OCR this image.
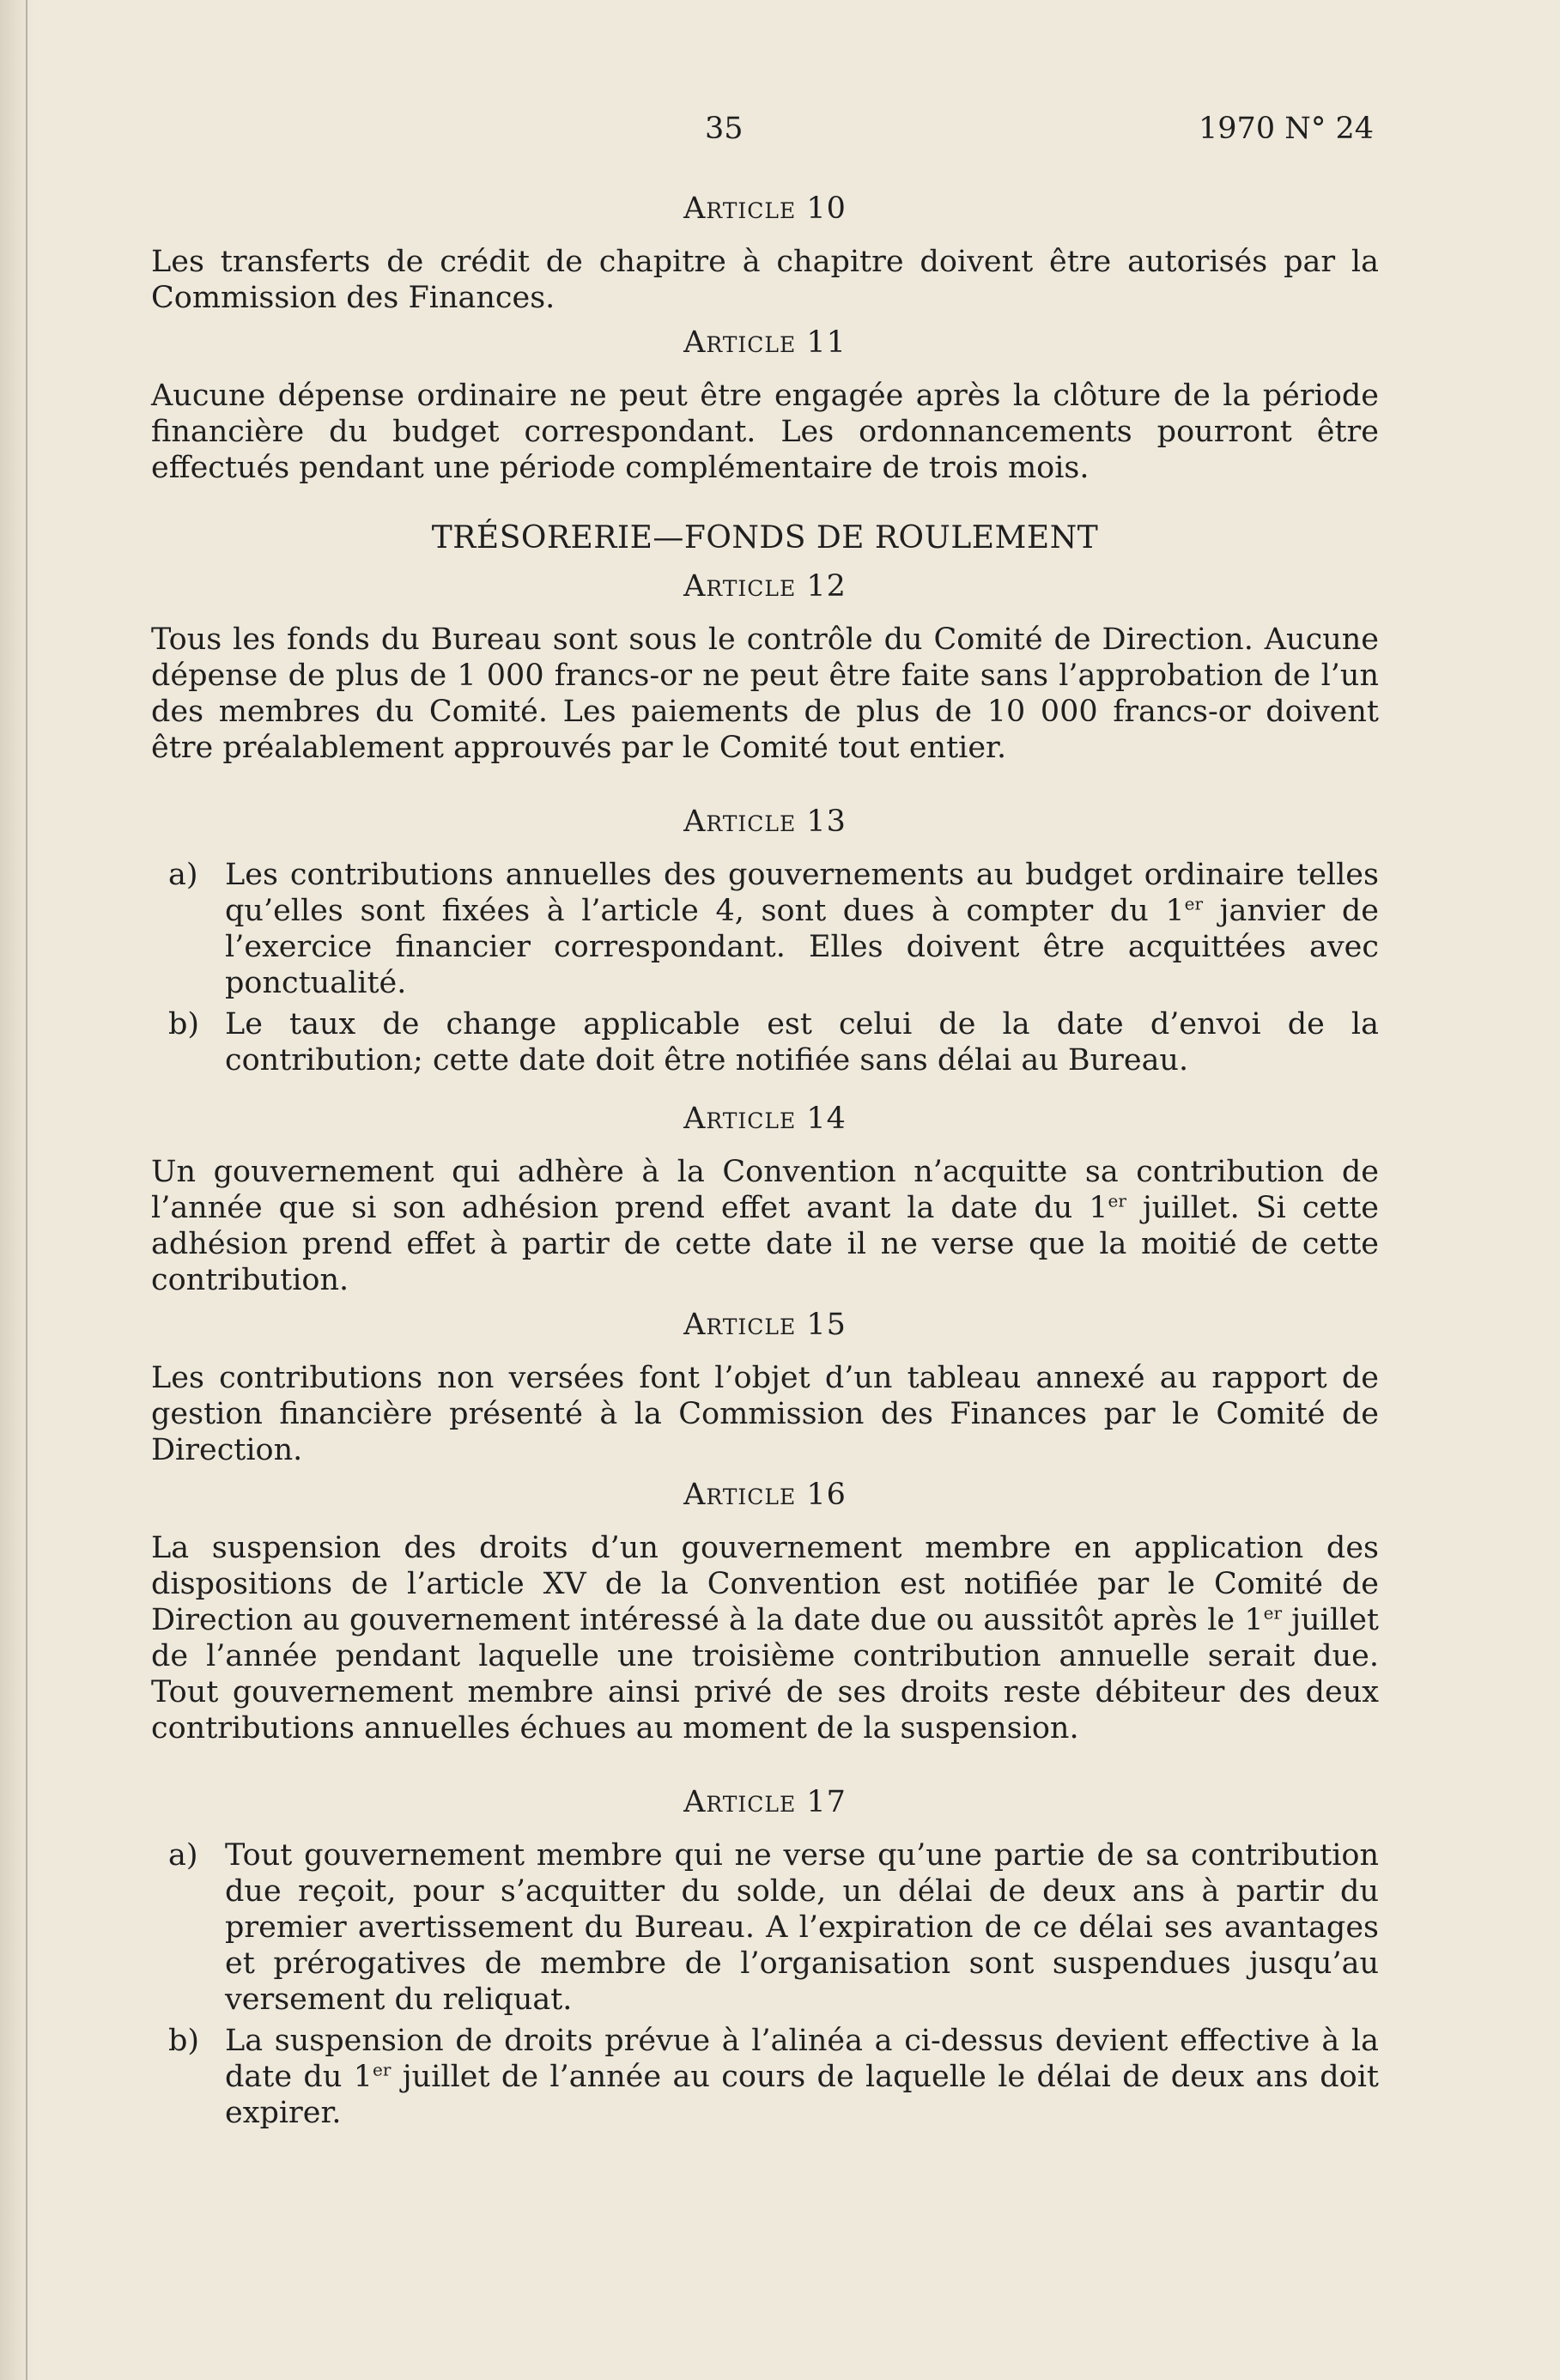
35	1970 N° 24

Article 10

Les transferts de crédit de chapitre à chapitre doivent être autorisés par la Commission des Finances.

Article 11

Aucune dépense ordinaire ne peut être engagée après la clôture de la période financière du budget correspondant. Les ordonnancements pourront être effectués pendant une période complémentaire de trois mois.

TRÉSORERIE—FONDS DE ROULEMENT

Article 12

Tous les fonds du Bureau sont sous le contrôle du Comité de Direction. Aucune dépense de plus de 1 000 francs-or ne peut être faite sans l’approbation de l’un des membres du Comité. Les paiements de plus de 10 000 francs-or doivent être préalablement approuvés par le Comité tout entier.

Article 13

a) Les contributions annuelles des gouvernements au budget ordinaire telles qu’elles sont fixées à l’article 4, sont dues à compter du 1er janvier de l’exercice financier correspondant. Elles doivent être acquittées avec ponctualité.
b) Le taux de change applicable est celui de la date d’envoi de la contribution; cette date doit être notifiée sans délai au Bureau.

Article 14

Un gouvernement qui adhère à la Convention n’acquitte sa contribution de l’année que si son adhésion prend effet avant la date du 1er juillet. Si cette adhésion prend effet à partir de cette date il ne verse que la moitié de cette contribution.

Article 15

Les contributions non versées font l’objet d’un tableau annexé au rapport de gestion financière présenté à la Commission des Finances par le Comité de Direction.

Article 16

La suspension des droits d’un gouvernement membre en application des dispositions de l’article XV de la Convention est notifiée par le Comité de Direction au gouvernement intéressé à la date due ou aussitôt après le 1er juillet de l’année pendant laquelle une troisième contribution annuelle serait due. Tout gouvernement membre ainsi privé de ses droits reste débiteur des deux contributions annuelles échues au moment de la suspension.

Article 17

a) Tout gouvernement membre qui ne verse qu’une partie de sa contribution due reçoit, pour s’acquitter du solde, un délai de deux ans à partir du premier avertissement du Bureau. A l’expiration de ce délai ses avantages et prérogatives de membre de l’organisation sont suspendues jusqu’au versement du reliquat.
b) La suspension de droits prévue à l’alinéa a ci-dessus devient effective à la date du 1er juillet de l’année au cours de laquelle le délai de deux ans doit expirer.
